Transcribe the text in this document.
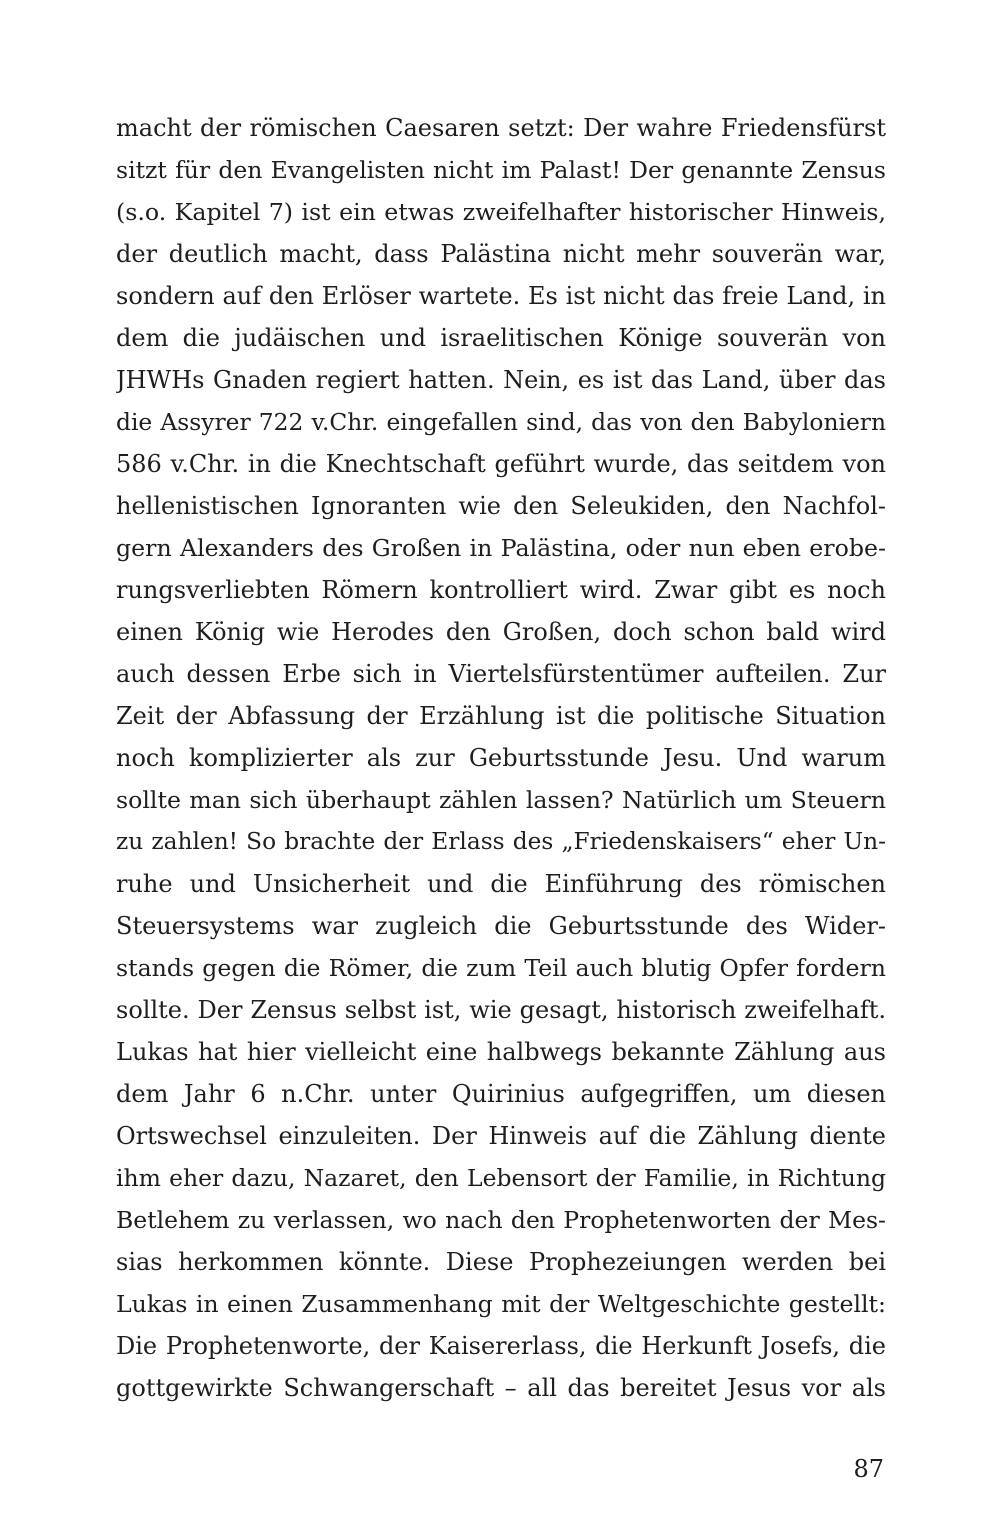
macht der römischen Caesaren setzt: Der wahre Friedensfürst
sitzt für den Evangelisten nicht im Palast! Der genannte Zensus
(s.o. Kapitel 7) ist ein etwas zweifelhafter historischer Hinweis,
der deutlich macht, dass Palästina nicht mehr souverän war,
sondern auf den Erlöser wartete. Es ist nicht das freie Land, in
dem die judäischen und israelitischen Könige souverän von
JHWHs Gnaden regiert hatten. Nein, es ist das Land, über das
die Assyrer 722 v.Chr. eingefallen sind, das von den Babyloniern
586 v.Chr. in die Knechtschaft geführt wurde, das seitdem von
hellenistischen Ignoranten wie den Seleukiden, den Nachfol-
gern Alexanders des Großen in Palästina, oder nun eben erobe-
rungsverliebten Römern kontrolliert wird. Zwar gibt es noch
einen König wie Herodes den Großen, doch schon bald wird
auch dessen Erbe sich in Viertelsfürstentümer aufteilen. Zur
Zeit der Abfassung der Erzählung ist die politische Situation
noch komplizierter als zur Geburtsstunde Jesu. Und warum
sollte man sich überhaupt zählen lassen? Natürlich um Steuern
zu zahlen! So brachte der Erlass des „Friedenskaisers“ eher Un-
ruhe und Unsicherheit und die Einführung des römischen
Steuersystems war zugleich die Geburtsstunde des Wider-
stands gegen die Römer, die zum Teil auch blutig Opfer fordern
sollte. Der Zensus selbst ist, wie gesagt, historisch zweifelhaft.
Lukas hat hier vielleicht eine halbwegs bekannte Zählung aus
dem Jahr 6 n.Chr. unter Quirinius aufgegriffen, um diesen
Ortswechsel einzuleiten. Der Hinweis auf die Zählung diente
ihm eher dazu, Nazaret, den Lebensort der Familie, in Richtung
Betlehem zu verlassen, wo nach den Prophetenworten der Mes-
sias herkommen könnte. Diese Prophezeiungen werden bei
Lukas in einen Zusammenhang mit der Weltgeschichte gestellt:
Die Prophetenworte, der Kaisererlass, die Herkunft Josefs, die
gottgewirkte Schwangerschaft – all das bereitet Jesus vor als
87
